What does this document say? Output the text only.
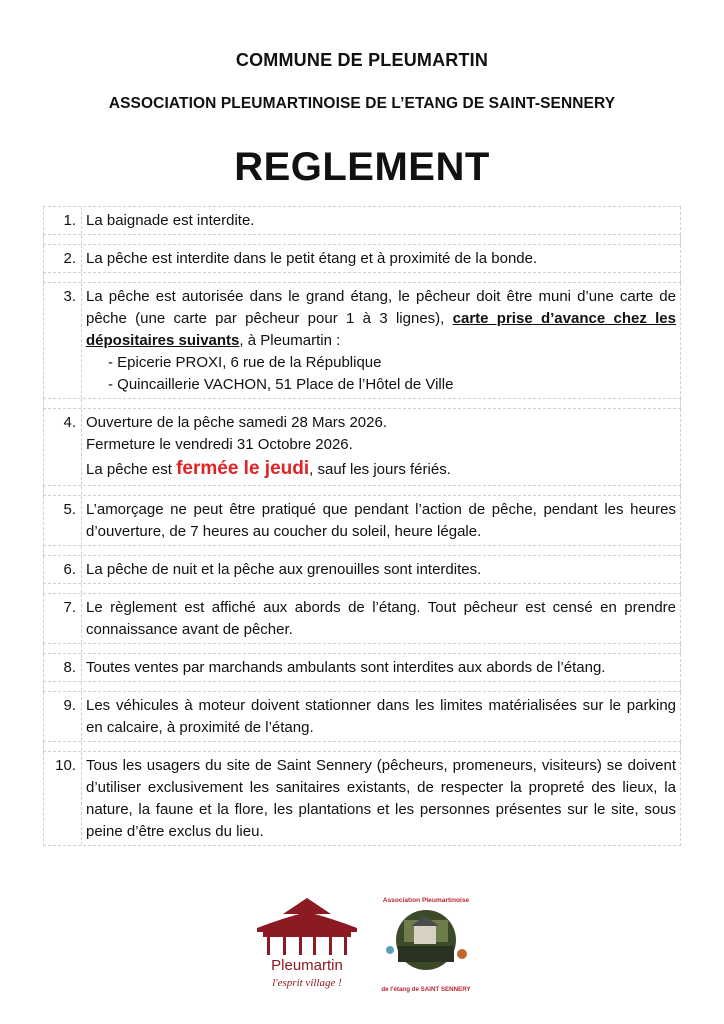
COMMUNE DE PLEUMARTIN
ASSOCIATION PLEUMARTINOISE DE L’ETANG DE SAINT-SENNERY
REGLEMENT
1. La baignade est interdite.
2. La pêche est interdite dans le petit étang et à proximité de la bonde.
3. La pêche est autorisée dans le grand étang, le pêcheur doit être muni d’une carte de pêche (une carte par pêcheur pour 1 à 3 lignes), carte prise d’avance chez les dépositaires suivants, à Pleumartin :

- Epicerie PROXI, 6 rue de la République

- Quincaillerie VACHON, 51 Place de l’Hôtel de Ville

4. Ouverture de la pêche samedi 28 Mars 2026.

Fermeture le vendredi 31 Octobre 2026.

La pêche est fermée le jeudi, sauf les jours fériés.

5. L’amorçage ne peut être pratiqué que pendant l’action de pêche, pendant les heures d’ouverture, de 7 heures au coucher du soleil, heure légale.
6. La pêche de nuit et la pêche aux grenouilles sont interdites.
7. Le règlement est affiché aux abords de l’étang. Tout pêcheur est censé en prendre connaissance avant de pêcher.
8. Toutes ventes par marchands ambulants sont interdites aux abords de l’étang.
9. Les véhicules à moteur doivent stationner dans les limites matérialisées sur le parking en calcaire, à proximité de l’étang.
10. Tous les usagers du site de Saint Sennery (pêcheurs, promeneurs, visiteurs) se doivent d’utiliser exclusivement les sanitaires existants, de respecter la propreté des lieux, la nature, la faune et la flore, les plantations et les personnes présentes sur le site, sous peine d’être exclus du lieu.
Pleumartin
l'esprit village !
Association Pleumartinoise
de l'étang de SAINT SENNERY
